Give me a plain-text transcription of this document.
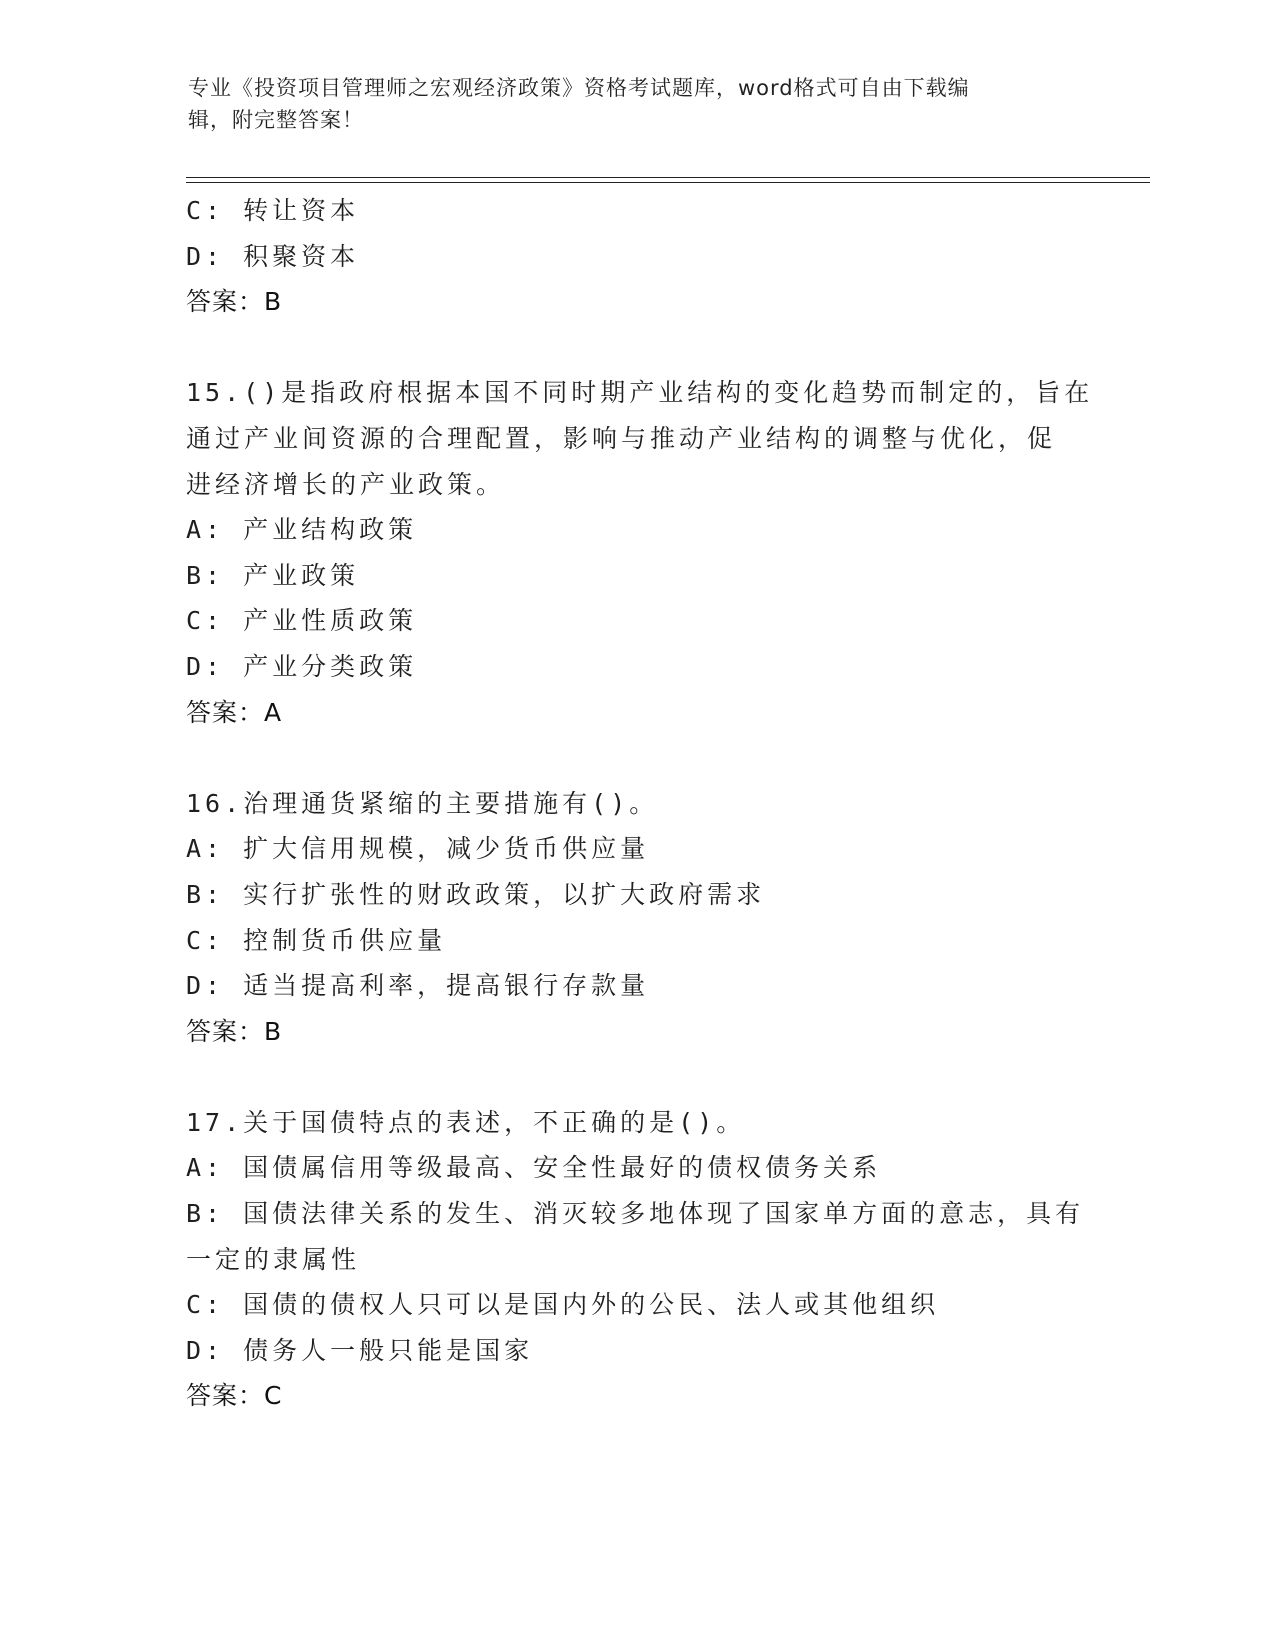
专业《投资项目管理师之宏观经济政策》资格考试题库，word格式可自由下载编
辑，附完整答案！
C: 转让资本
D: 积聚资本
答案：B
15.()是指政府根据本国不同时期产业结构的变化趋势而制定的，旨在
通过产业间资源的合理配置，影响与推动产业结构的调整与优化，促
进经济增长的产业政策。
A: 产业结构政策
B: 产业政策
C: 产业性质政策
D: 产业分类政策
答案：A
16.治理通货紧缩的主要措施有()。
A: 扩大信用规模，减少货币供应量
B: 实行扩张性的财政政策，以扩大政府需求
C: 控制货币供应量
D: 适当提高利率，提高银行存款量
答案：B
17.关于国债特点的表述，不正确的是()。
A: 国债属信用等级最高、安全性最好的债权债务关系
B: 国债法律关系的发生、消灭较多地体现了国家单方面的意志，具有
一定的隶属性
C: 国债的债权人只可以是国内外的公民、法人或其他组织
D: 债务人一般只能是国家
答案：C
